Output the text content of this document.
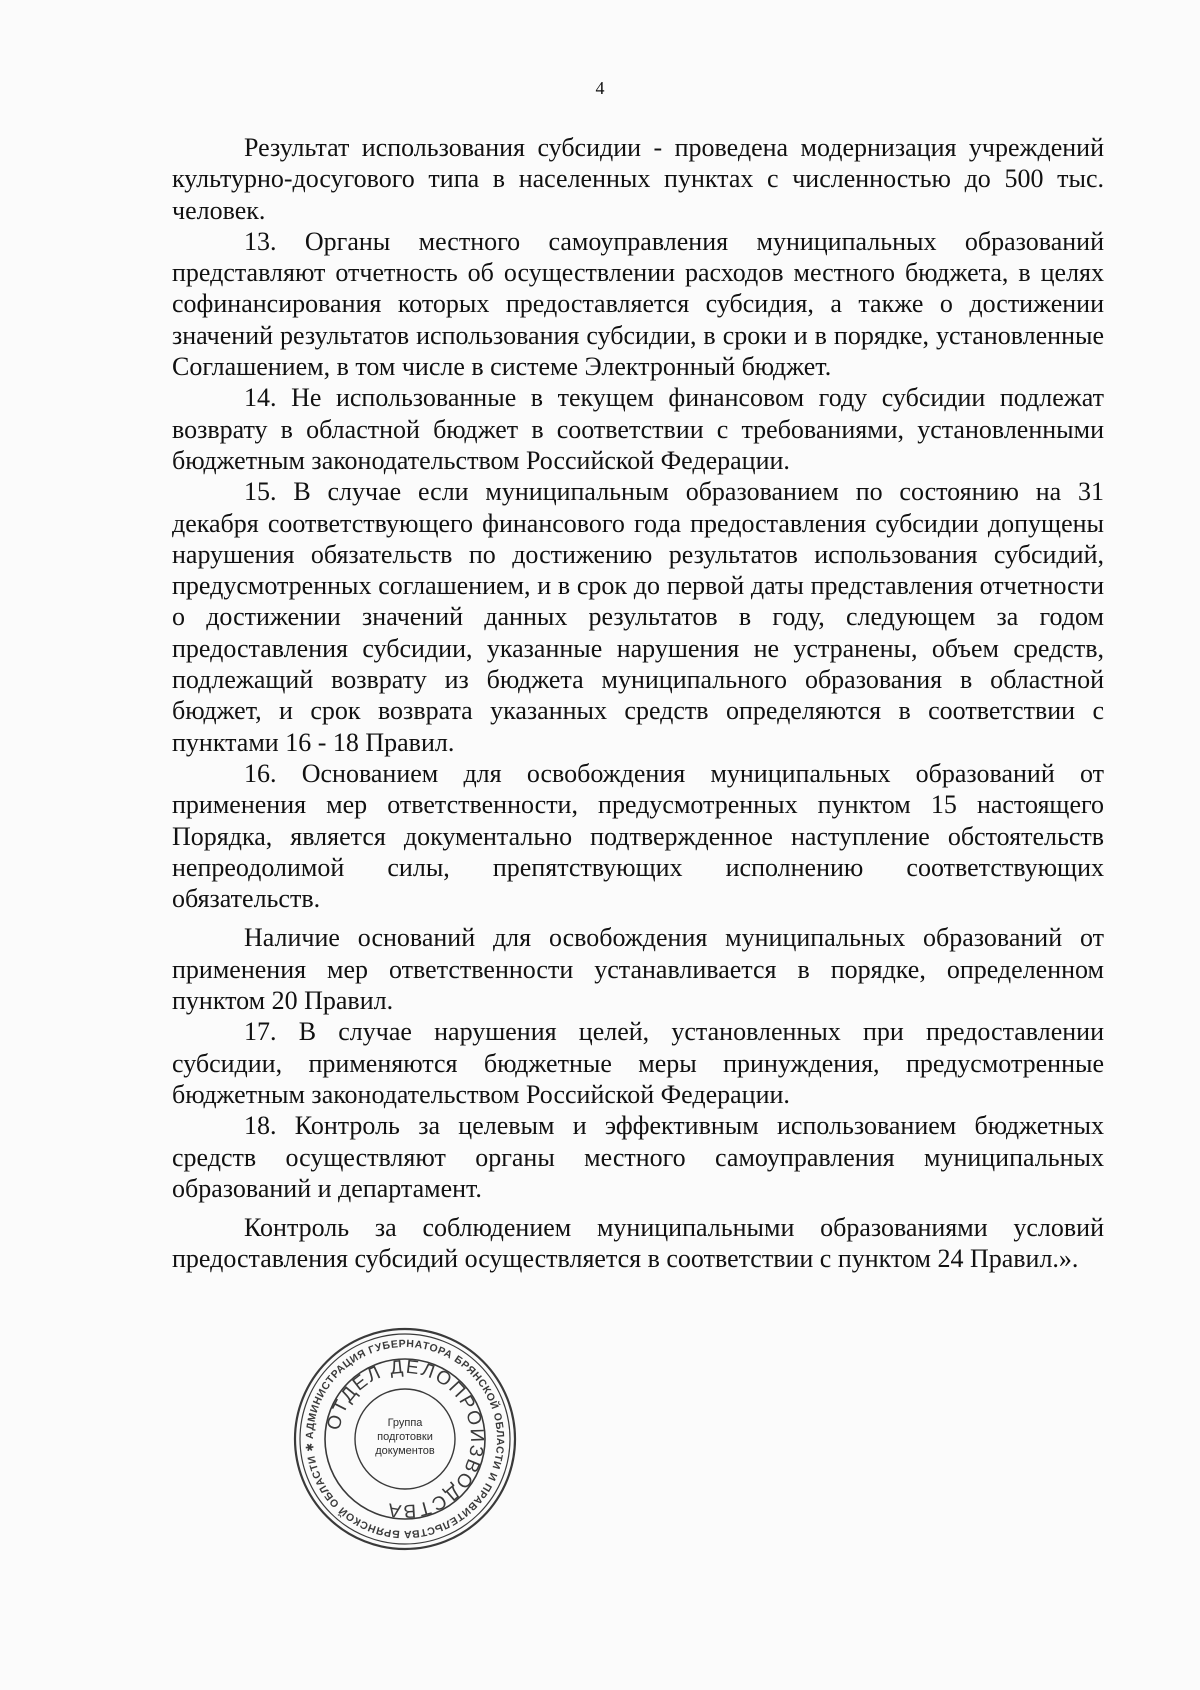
4

Результат использования субсидии - проведена модернизация учреждений культурно-досугового типа в населенных пунктах с численностью до 500 тыс. человек.

13. Органы местного самоуправления муниципальных образований представляют отчетность об осуществлении расходов местного бюджета, в целях софинансирования которых предоставляется субсидия, а также о достижении значений результатов использования субсидии, в сроки и в порядке, установленные Соглашением, в том числе в системе Электронный бюджет.

14. Не использованные в текущем финансовом году субсидии подлежат возврату в областной бюджет в соответствии с требованиями, установленными бюджетным законодательством Российской Федерации.

15. В случае если муниципальным образованием по состоянию на 31 декабря соответствующего финансового года предоставления субсидии допущены нарушения обязательств по достижению результатов использования субсидий, предусмотренных соглашением, и в срок до первой даты представления отчетности о достижении значений данных результатов в году, следующем за годом предоставления субсидии, указанные нарушения не устранены, объем средств, подлежащий возврату из бюджета муниципального образования в областной бюджет, и срок возврата указанных средств определяются в соответствии с пунктами 16 - 18 Правил.

16. Основанием для освобождения муниципальных образований от применения мер ответственности, предусмотренных пунктом 15 настоящего Порядка, является документально подтвержденное наступление обстоятельств непреодолимой силы, препятствующих исполнению соответствующих обязательств.

Наличие оснований для освобождения муниципальных образований от применения мер ответственности устанавливается в порядке, определенном пунктом 20 Правил.

17. В случае нарушения целей, установленных при предоставлении субсидии, применяются бюджетные меры принуждения, предусмотренные бюджетным законодательством Российской Федерации.

18. Контроль за целевым и эффективным использованием бюджетных средств осуществляют органы местного самоуправления муниципальных образований и департамент.

Контроль за соблюдением муниципальными образованиями условий предоставления субсидий осуществляется в соответствии с пунктом 24 Правил.».

АДМИНИСТРАЦИЯ ГУБЕРНАТОРА БРЯНСКОЙ ОБЛАСТИ И ПРАВИТЕЛЬСТВА БРЯНСКОЙ ОБЛАСТИ ✱
ОТДЕЛ ДЕЛОПРОИЗВОДСТВА
Группа подготовки документов
